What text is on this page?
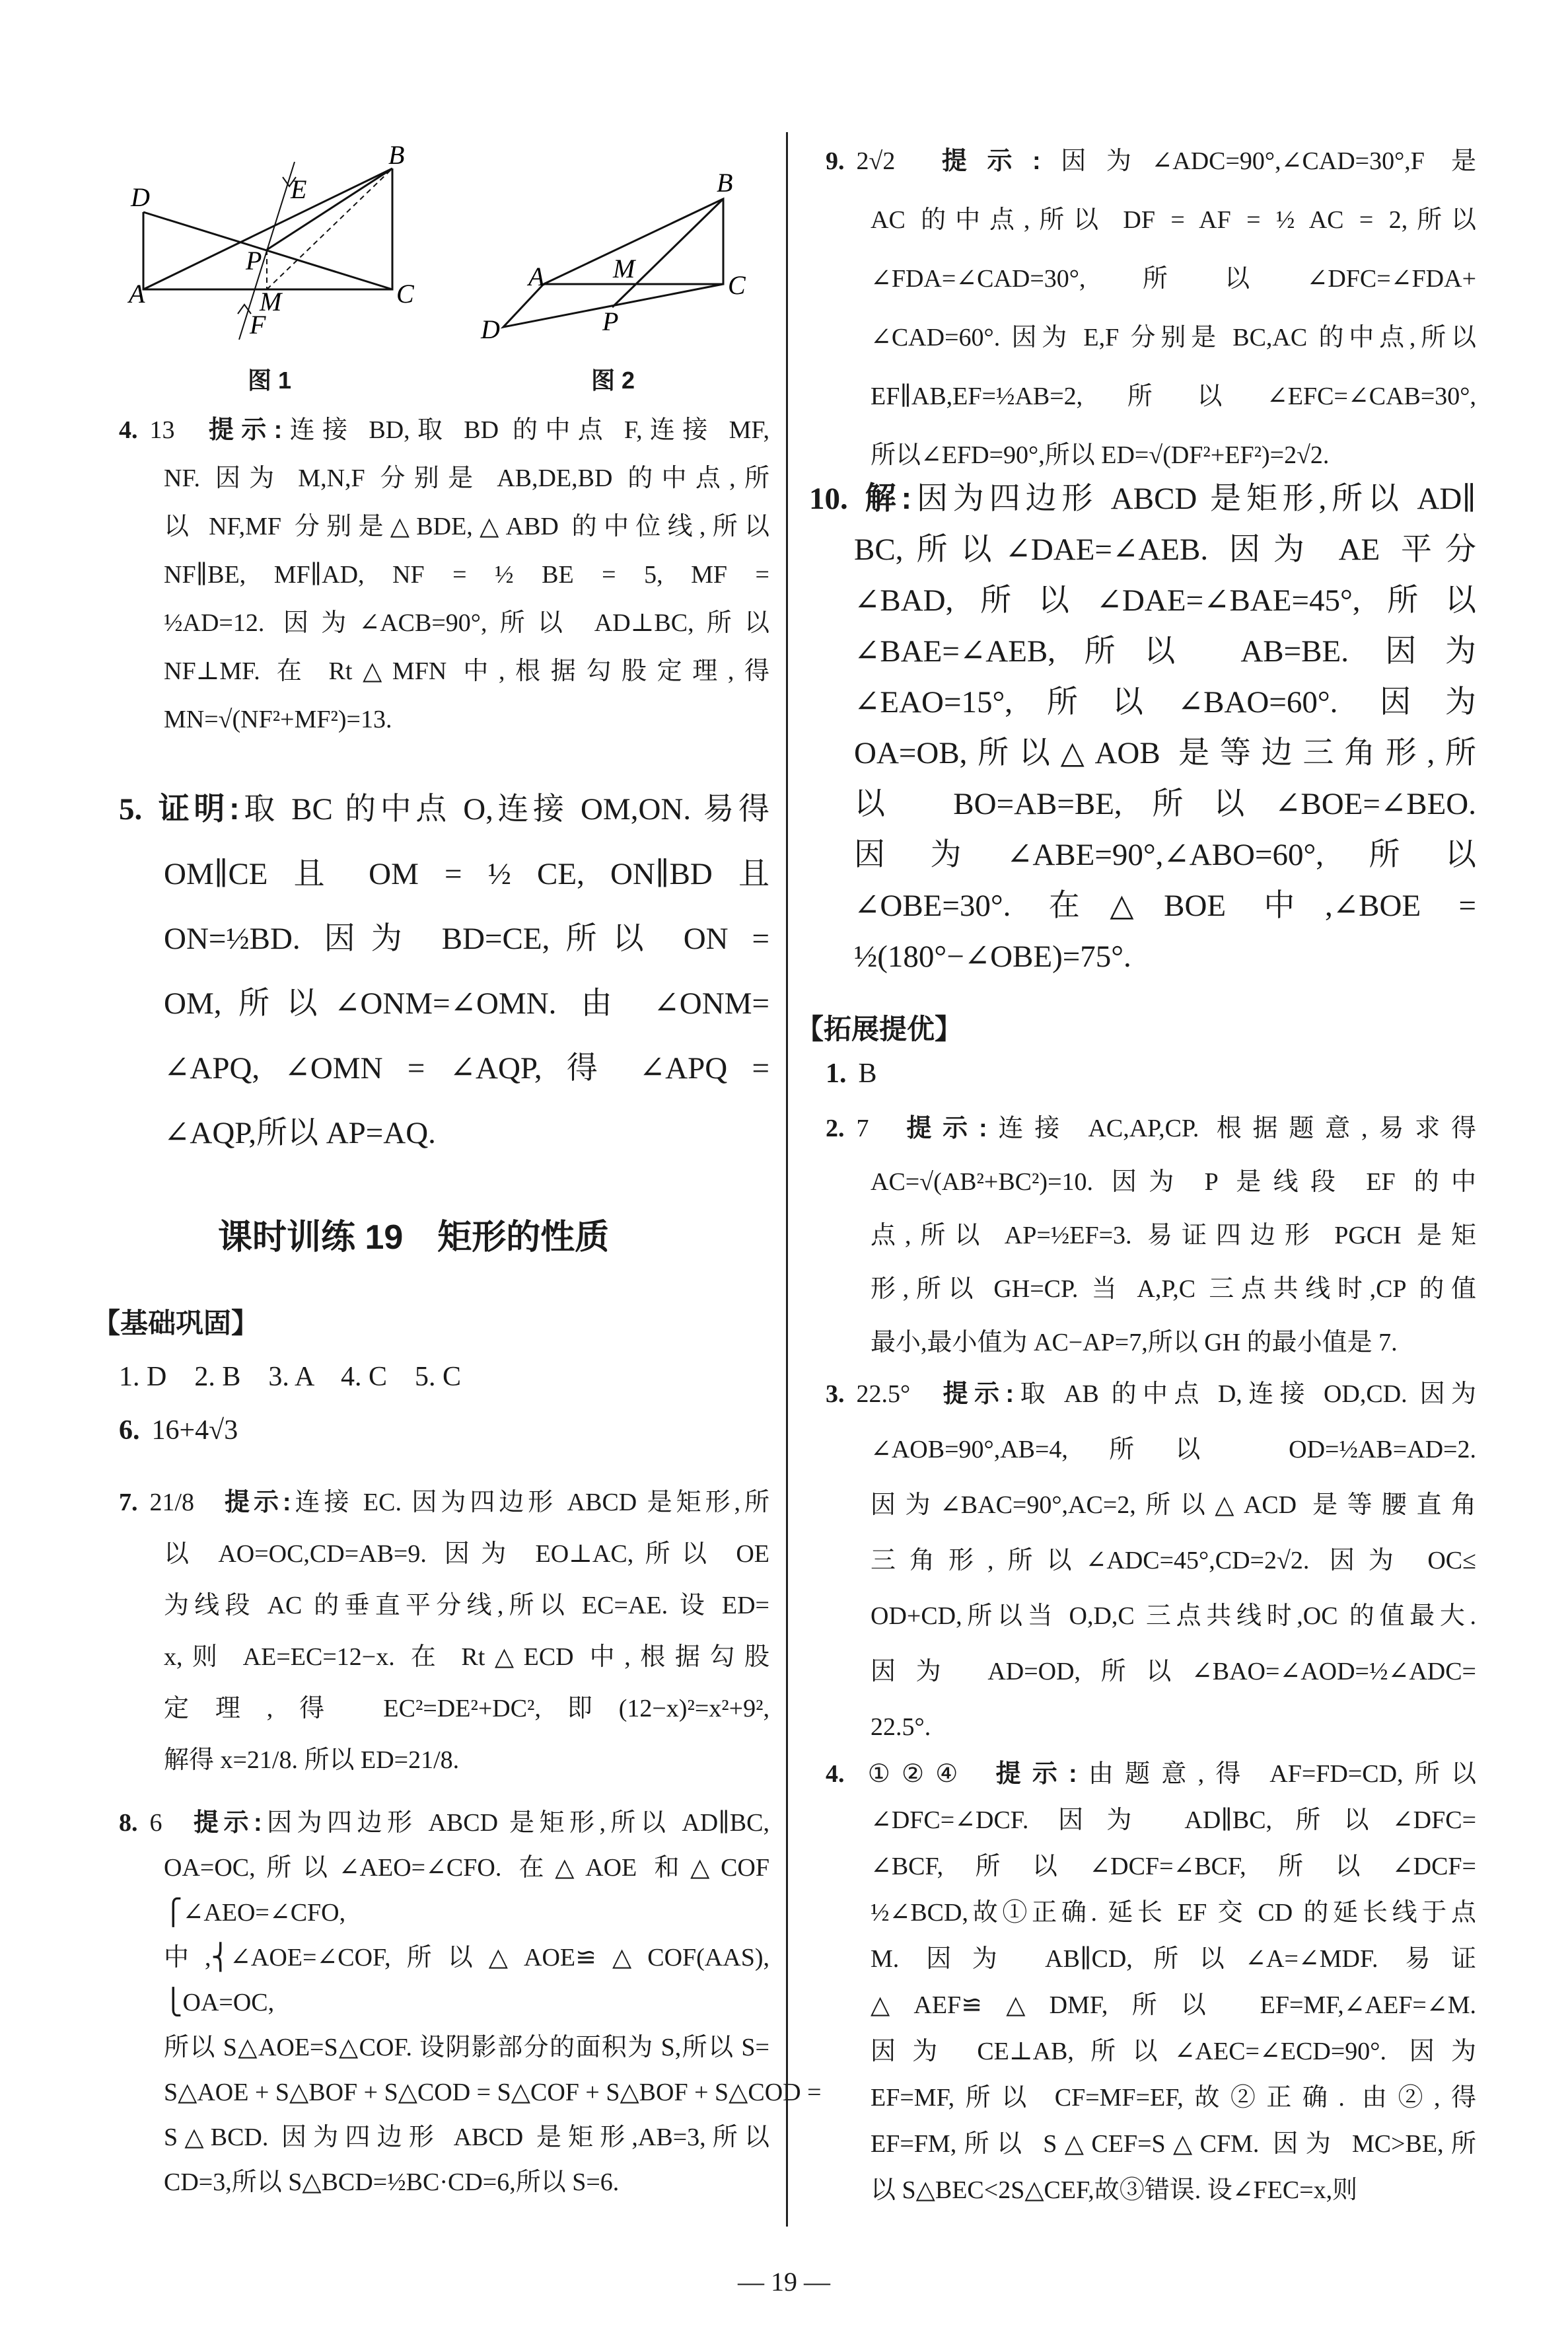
A
B
C
D	E
F
M
P
A
B
C
D
M
P
图 1	图 2
4. 13 提示:连接 BD,取 BD 的中点 F,连接 MF,
NF. 因为 M,N,F 分别是 AB,DE,BD 的中点,所
以 NF,MF 分别是△BDE,△ABD 的中位线,所以
NF∥BE, MF∥AD, NF = ½ BE = 5, MF =
½AD=12. 因为∠ACB=90°,所以 AD⊥BC,所以
NF⊥MF. 在 Rt△MFN 中,根据勾股定理,得
MN=√(NF²+MF²)=13.
5. 证明:取 BC 的中点 O,连接 OM,ON. 易得
OM∥CE 且 OM = ½ CE, ON∥BD 且
ON=½BD. 因为 BD=CE,所以 ON =
OM,所以∠ONM=∠OMN. 由 ∠ONM=
∠APQ, ∠OMN = ∠AQP, 得 ∠APQ =
∠AQP,所以 AP=AQ.
课时训练 19　矩形的性质
【基础巩固】
1. D　2. B　3. A　4. C　5. C
6. 16+4√3
7. 21/8 提示:连接 EC. 因为四边形 ABCD 是矩形,所
以 AO=OC,CD=AB=9. 因为 EO⊥AC,所以 OE
为线段 AC 的垂直平分线,所以 EC=AE. 设 ED=
x,则 AE=EC=12−x. 在 Rt△ECD 中,根据勾股
定理,得 EC²=DE²+DC²,即(12−x)²=x²+9²,
解得 x=21/8. 所以 ED=21/8.
8. 6 提示:因为四边形 ABCD 是矩形,所以 AD∥BC,
OA=OC,所以∠AEO=∠CFO. 在△AOE 和△COF
⎧∠AEO=∠CFO,
中,⎨∠AOE=∠COF,所以△AOE≌△COF(AAS),
⎩OA=OC,
所以 S△AOE=S△COF. 设阴影部分的面积为 S,所以 S=
S△AOE + S△BOF + S△COD = S△COF + S△BOF + S△COD =
S△BCD. 因为四边形 ABCD 是矩形,AB=3,所以
CD=3,所以 S△BCD=½BC·CD=6,所以 S=6.
9. 2√2 提示:因为∠ADC=90°,∠CAD=30°,F 是
AC 的中点,所以 DF = AF = ½ AC = 2,所以
∠FDA=∠CAD=30°,所以∠DFC=∠FDA+
∠CAD=60°. 因为 E,F 分别是 BC,AC 的中点,所以
EF∥AB,EF=½AB=2,所以∠EFC=∠CAB=30°,
所以∠EFD=90°,所以 ED=√(DF²+EF²)=2√2.
10. 解:因为四边形 ABCD 是矩形,所以 AD∥
BC,所以∠DAE=∠AEB. 因为 AE 平分
∠BAD,所以∠DAE=∠BAE=45°,所以
∠BAE=∠AEB,所以 AB=BE. 因为
∠EAO=15°,所以∠BAO=60°. 因为
OA=OB,所以△AOB 是等边三角形,所
以 BO=AB=BE,所以∠BOE=∠BEO.
因为∠ABE=90°,∠ABO=60°,所以
∠OBE=30°. 在△BOE 中,∠BOE =
½(180°−∠OBE)=75°.
【拓展提优】
1. B
2. 7 提示:连接 AC,AP,CP. 根据题意,易求得
AC=√(AB²+BC²)=10. 因为 P 是线段 EF 的中
点,所以 AP=½EF=3. 易证四边形 PGCH 是矩
形,所以 GH=CP. 当 A,P,C 三点共线时,CP 的值
最小,最小值为 AC−AP=7,所以 GH 的最小值是 7.
3. 22.5° 提示:取 AB 的中点 D,连接 OD,CD. 因为
∠AOB=90°,AB=4,所以 OD=½AB=AD=2.
因为∠BAC=90°,AC=2,所以△ACD 是等腰直角
三角形,所以∠ADC=45°,CD=2√2. 因为 OC≤
OD+CD,所以当 O,D,C 三点共线时,OC 的值最大.
因为 AD=OD,所以∠BAO=∠AOD=½∠ADC=
22.5°.
4. ①②④ 提示:由题意,得 AF=FD=CD,所以
∠DFC=∠DCF. 因为 AD∥BC,所以∠DFC=
∠BCF,所以∠DCF=∠BCF,所以∠DCF=
½∠BCD,故①正确. 延长 EF 交 CD 的延长线于点
M. 因为 AB∥CD,所以∠A=∠MDF. 易证
△AEF≌△DMF,所以 EF=MF,∠AEF=∠M.
因为 CE⊥AB,所以∠AEC=∠ECD=90°. 因为
EF=MF,所以 CF=MF=EF,故②正确. 由②,得
EF=FM,所以 S△CEF=S△CFM. 因为 MC>BE,所
以 S△BEC<2S△CEF,故③错误. 设∠FEC=x,则
— 19 —
